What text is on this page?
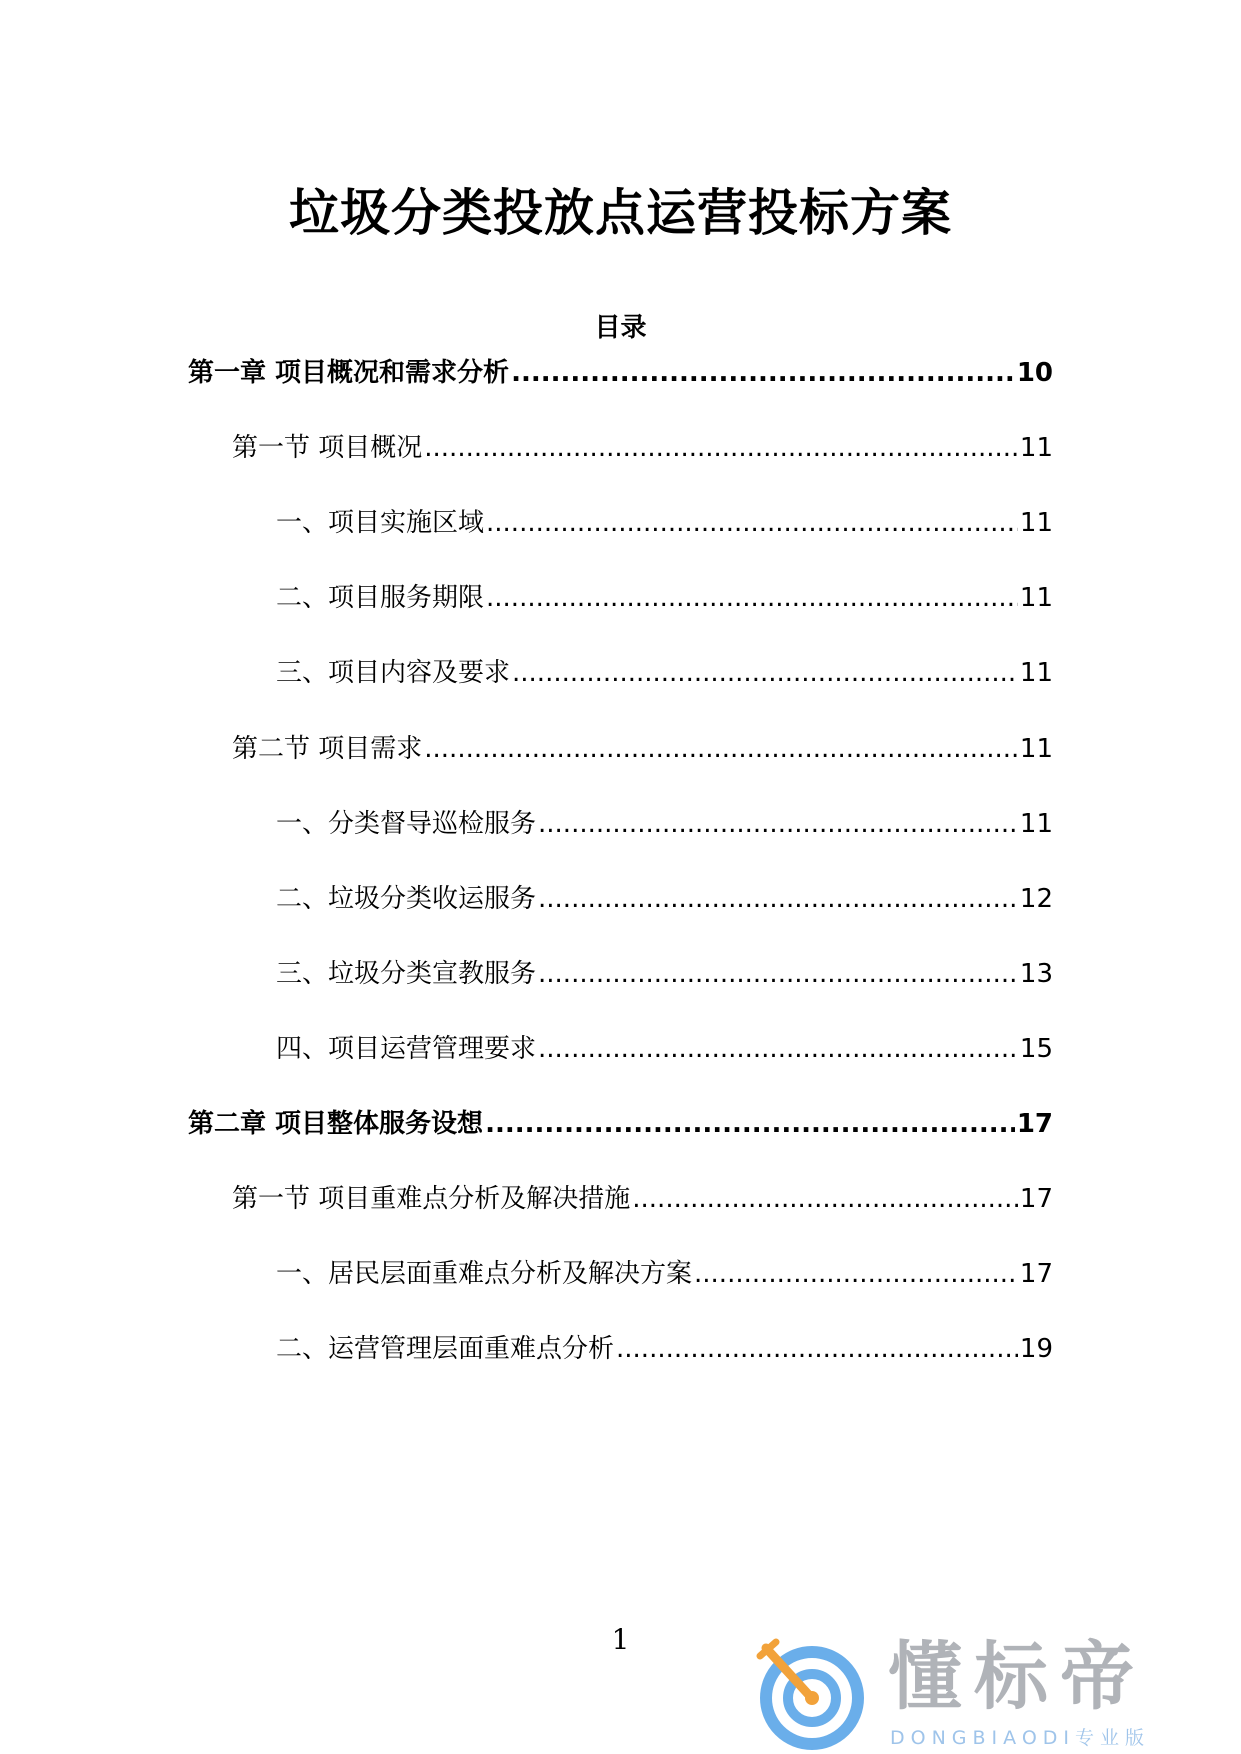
垃圾分类投放点运营投标方案
目录
第一章 项目概况和需求分析 .....	10
第一节 项目概况 .....	11
一、项目实施区域 .....	11
二、项目服务期限 .....	11
三、项目内容及要求 .....	11
第二节 项目需求 .....	11
一、分类督导巡检服务 .....	11
二、垃圾分类收运服务 .....	12
三、垃圾分类宣教服务 .....	13
四、项目运营管理要求 .....	15
第二章 项目整体服务设想 .....	17
第一节 项目重难点分析及解决措施 .....	17
一、居民层面重难点分析及解决方案 .....	17
二、运营管理层面重难点分析 .....	19
1	懂标帝
DONGBIAODI专业版
